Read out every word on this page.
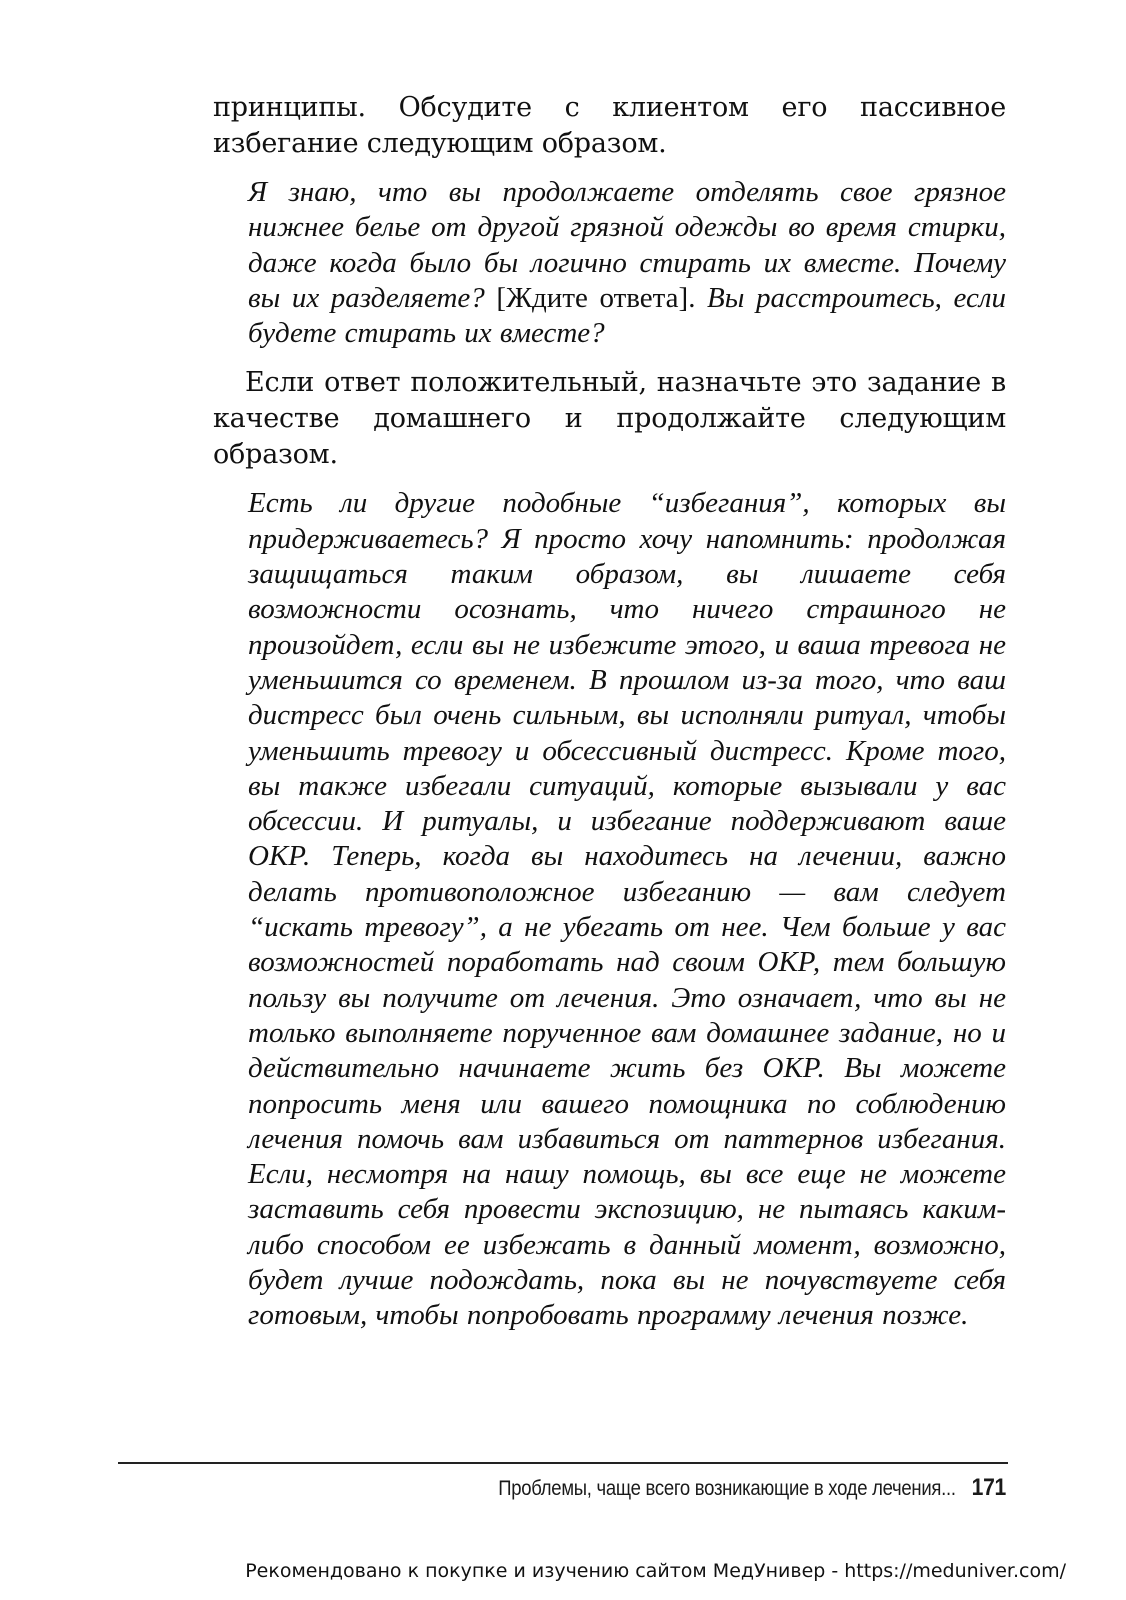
принципы. Обсудите с клиентом его пассивное избегание следующим образом.

Я знаю, что вы продолжаете отделять свое грязное нижнее белье от другой грязной одежды во время стирки, даже когда было бы логично стирать их вместе. Почему вы их разделяете? [Ждите ответа]. Вы расстроитесь, если будете стирать их вместе?

Если ответ положительный, назначьте это задание в качестве домашнего и продолжайте следующим образом.

Есть ли другие подобные “избегания”, которых вы придерживаетесь? Я просто хочу напомнить: продолжая защищаться таким образом, вы лишаете себя возможности осознать, что ничего страшного не произойдет, если вы не избежите этого, и ваша тревога не уменьшится со временем. В прошлом из-за того, что ваш дистресс был очень сильным, вы исполняли ритуал, чтобы уменьшить тревогу и обсессивный дистресс. Кроме того, вы также избегали ситуаций, которые вызывали у вас обсессии. И ритуалы, и избегание поддерживают ваше ОКР. Теперь, когда вы находитесь на лечении, важно делать противоположное избеганию — вам следует “искать тревогу”, а не убегать от нее. Чем больше у вас возможностей поработать над своим ОКР, тем большую пользу вы получите от лечения. Это означает, что вы не только выполняете порученное вам домашнее задание, но и действительно начинаете жить без ОКР. Вы можете попросить меня или вашего помощника по соблюдению лечения помочь вам избавиться от паттернов избегания. Если, несмотря на нашу помощь, вы все еще не можете заставить себя провести экспозицию, не пытаясь каким-либо способом ее избежать в данный момент, возможно, будет лучше подождать, пока вы не почувствуете себя готовым, чтобы попробовать программу лечения позже.

Проблемы, чаще всего возникающие в ходе лечения... 171
Рекомендовано к покупке и изучению сайтом МедУнивер - https://meduniver.com/
